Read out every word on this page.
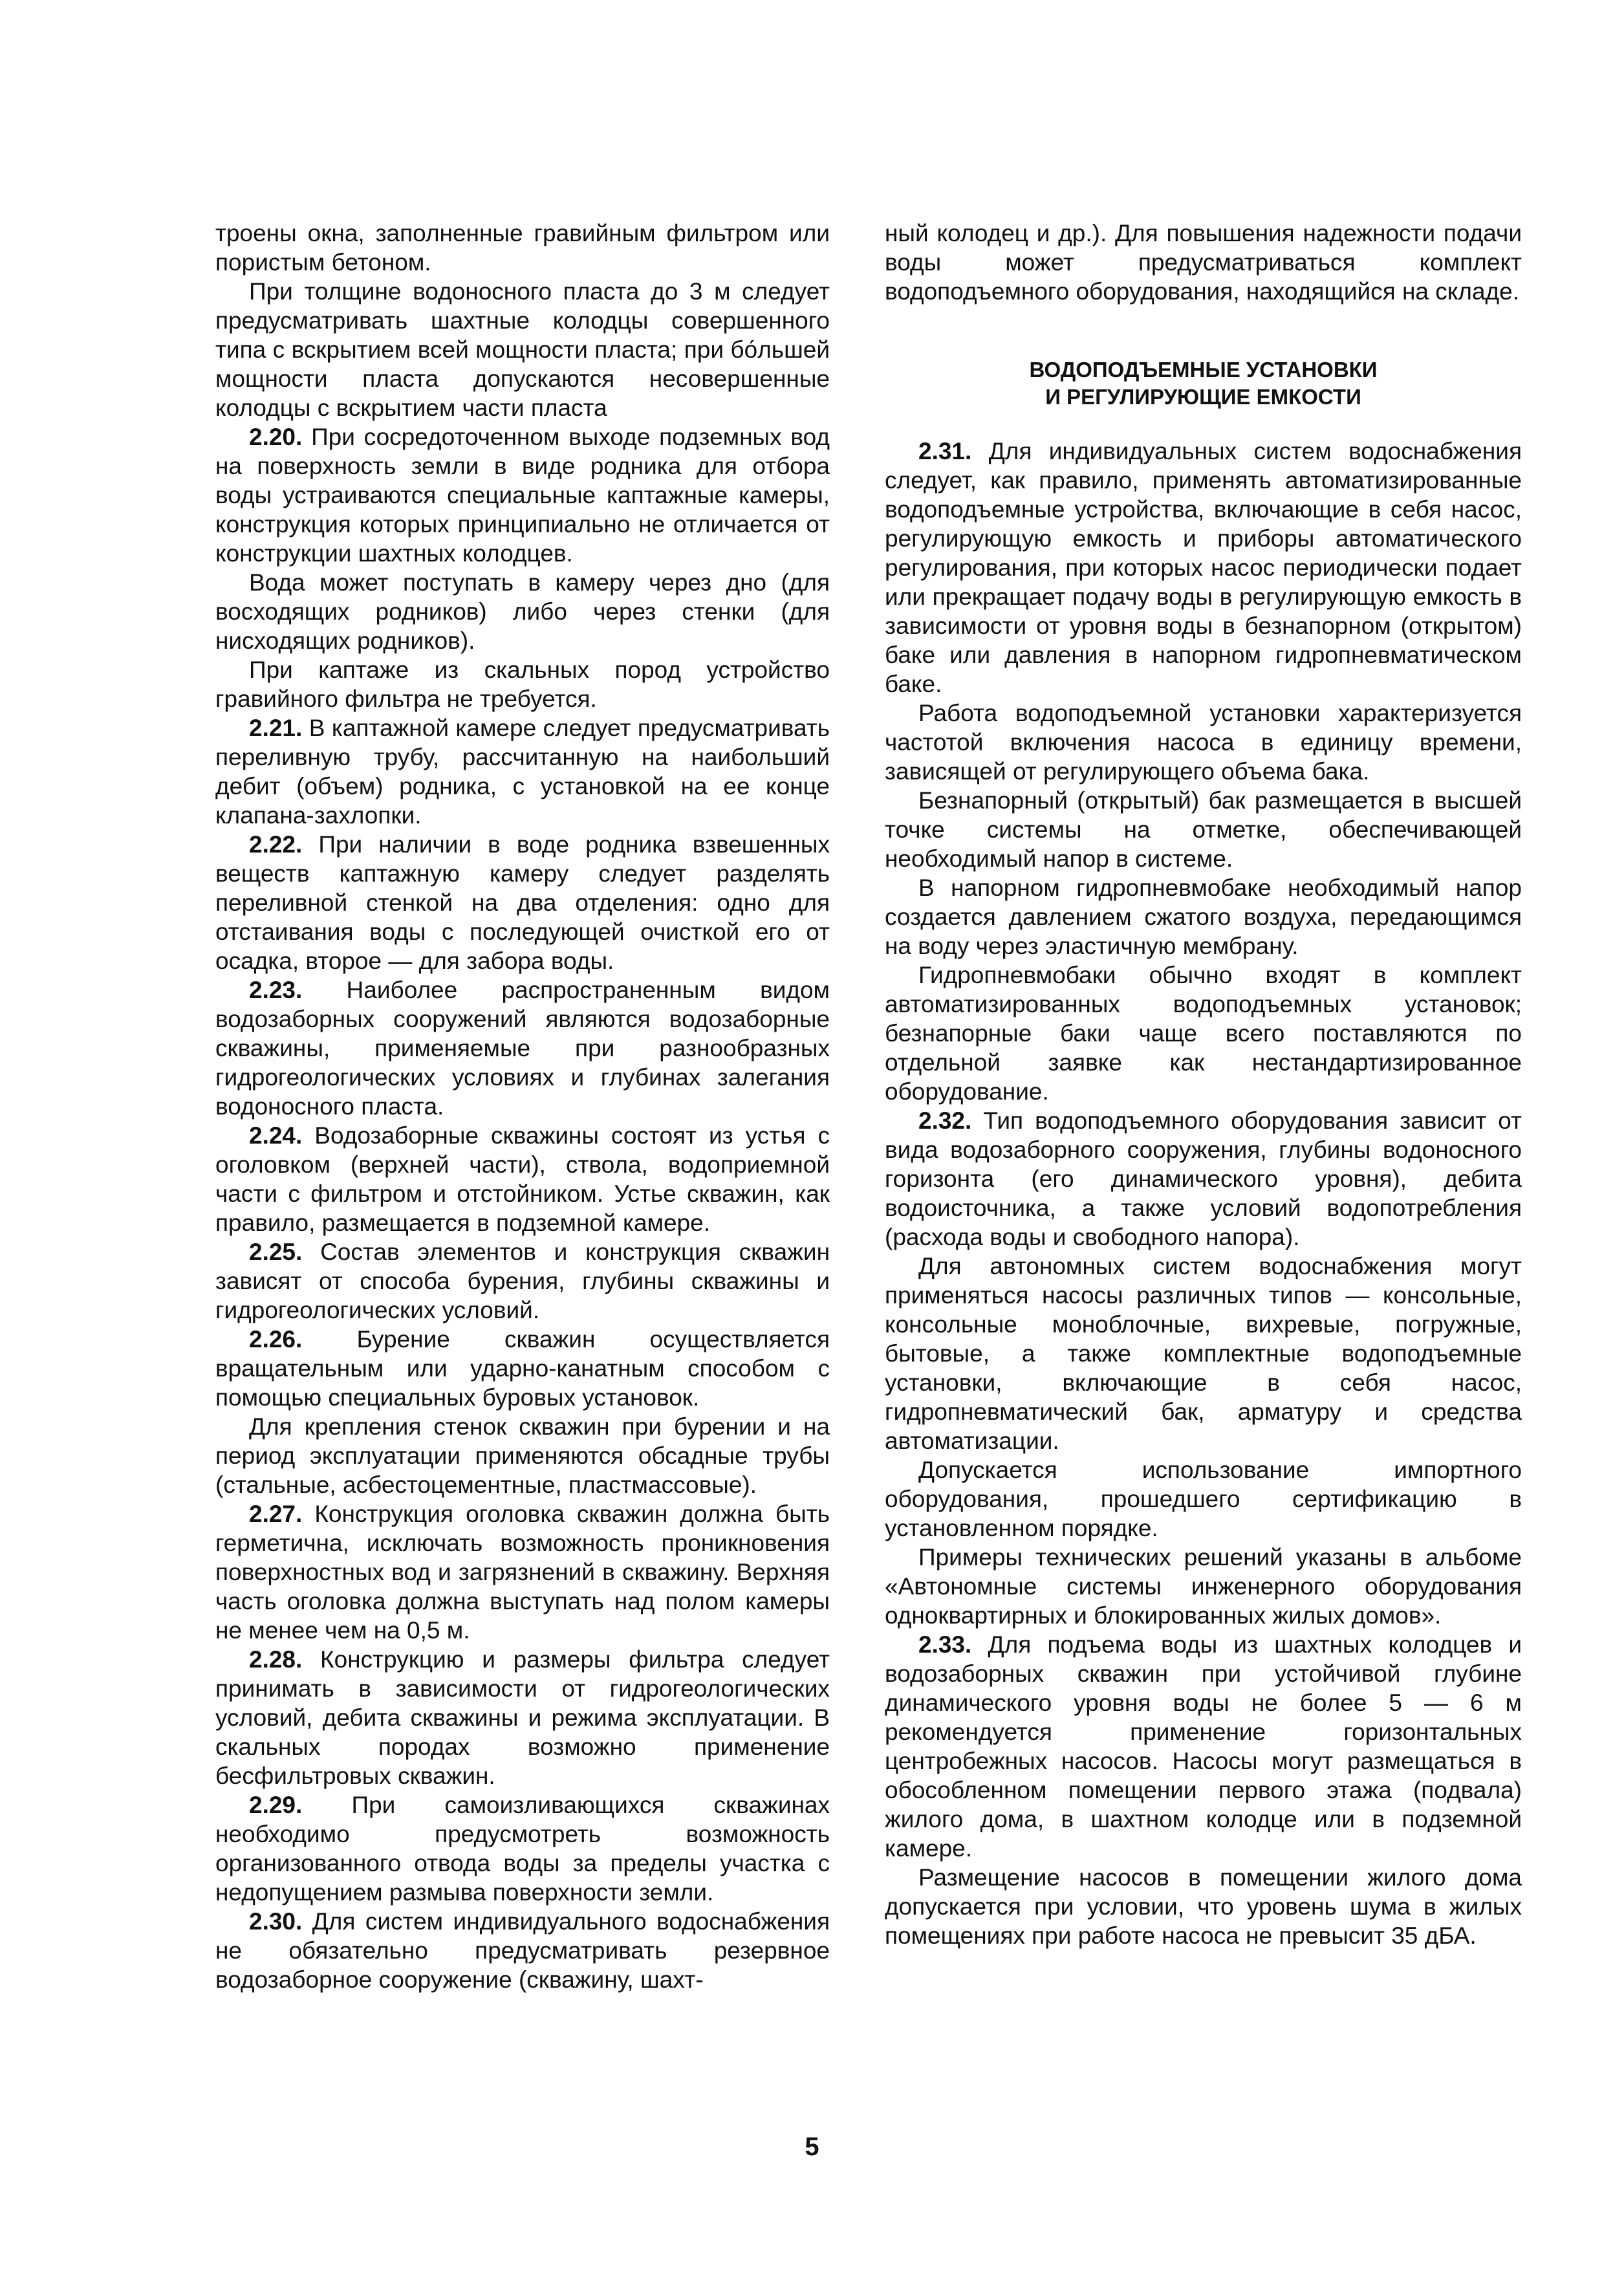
троены окна, заполненные гравийным фильтром или пористым бетоном.

При толщине водоносного пласта до 3 м следует предусматривать шахтные колодцы совершенного типа с вскрытием всей мощности пласта; при бо́льшей мощности пласта допускаются несовершенные колодцы с вскрытием части пласта

2.20. При сосредоточенном выходе подземных вод на поверхность земли в виде родника для отбора воды устраиваются специальные каптажные камеры, конструкция которых принципиально не отличается от конструкции шахтных колодцев.

Вода может поступать в камеру через дно (для восходящих родников) либо через стенки (для нисходящих родников).

При каптаже из скальных пород устройство гравийного фильтра не требуется.

2.21. В каптажной камере следует предусматривать переливную трубу, рассчитанную на наибольший дебит (объем) родника, с установкой на ее конце клапана-захлопки.

2.22. При наличии в воде родника взвешенных веществ каптажную камеру следует разделять переливной стенкой на два отделения: одно для отстаивания воды с последующей очисткой его от осадка, второе — для забора воды.

2.23. Наиболее распространенным видом водозаборных сооружений являются водозаборные скважины, применяемые при разнообразных гидрогеологических условиях и глубинах залегания водоносного пласта.

2.24. Водозаборные скважины состоят из устья с оголовком (верхней части), ствола, водоприемной части с фильтром и отстойником. Устье скважин, как правило, размещается в подземной камере.

2.25. Состав элементов и конструкция скважин зависят от способа бурения, глубины скважины и гидрогеологических условий.

2.26. Бурение скважин осуществляется вращательным или ударно-канатным способом с помощью специальных буровых установок.

Для крепления стенок скважин при бурении и на период эксплуатации применяются обсадные трубы (стальные, асбестоцементные, пластмассовые).

2.27. Конструкция оголовка скважин должна быть герметична, исключать возможность проникновения поверхностных вод и загрязнений в скважину. Верхняя часть оголовка должна выступать над полом камеры не менее чем на 0,5 м.

2.28. Конструкцию и размеры фильтра следует принимать в зависимости от гидрогеологических условий, дебита скважины и режима эксплуатации. В скальных породах возможно применение бесфильтровых скважин.

2.29. При самоизливающихся скважинах необходимо предусмотреть возможность организованного отвода воды за пределы участка с недопущением размыва поверхности земли.

2.30. Для систем индивидуального водоснабжения не обязательно предусматривать резервное водозаборное сооружение (скважину, шахт-

ный колодец и др.). Для повышения надежности подачи воды может предусматриваться комплект водоподъемного оборудования, находящийся на складе.

ВОДОПОДЪЕМНЫЕ УСТАНОВКИ
И РЕГУЛИРУЮЩИЕ ЕМКОСТИ

2.31. Для индивидуальных систем водоснабжения следует, как правило, применять автоматизированные водоподъемные устройства, включающие в себя насос, регулирующую емкость и приборы автоматического регулирования, при которых насос периодически подает или прекращает подачу воды в регулирующую емкость в зависимости от уровня воды в безнапорном (открытом) баке или давления в напорном гидропневматическом баке.

Работа водоподъемной установки характеризуется частотой включения насоса в единицу времени, зависящей от регулирующего объема бака.

Безнапорный (открытый) бак размещается в высшей точке системы на отметке, обеспечивающей необходимый напор в системе.

В напорном гидропневмобаке необходимый напор создается давлением сжатого воздуха, передающимся на воду через эластичную мембрану.

Гидропневмобаки обычно входят в комплект автоматизированных водоподъемных установок; безнапорные баки чаще всего поставляются по отдельной заявке как нестандартизированное оборудование.

2.32. Тип водоподъемного оборудования зависит от вида водозаборного сооружения, глубины водоносного горизонта (его динамического уровня), дебита водоисточника, а также условий водопотребления (расхода воды и свободного напора).

Для автономных систем водоснабжения могут применяться насосы различных типов — консольные, консольные моноблочные, вихревые, погружные, бытовые, а также комплектные водоподъемные установки, включающие в себя насос, гидропневматический бак, арматуру и средства автоматизации.

Допускается использование импортного оборудования, прошедшего сертификацию в установленном порядке.

Примеры технических решений указаны в альбоме «Автономные системы инженерного оборудования одноквартирных и блокированных жилых домов».

2.33. Для подъема воды из шахтных колодцев и водозаборных скважин при устойчивой глубине динамического уровня воды не более 5 — 6 м рекомендуется применение горизонтальных центробежных насосов. Насосы могут размещаться в обособленном помещении первого этажа (подвала) жилого дома, в шахтном колодце или в подземной камере.

Размещение насосов в помещении жилого дома допускается при условии, что уровень шума в жилых помещениях при работе насоса не превысит 35 дБА.

5
